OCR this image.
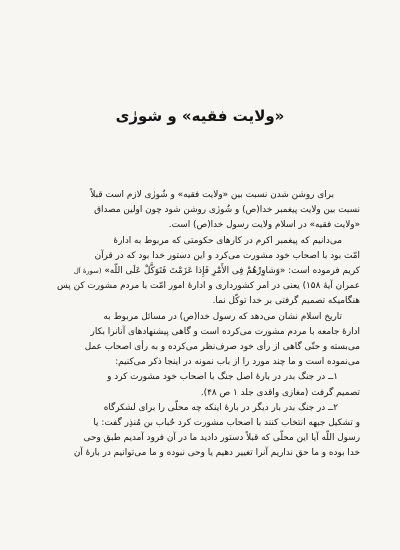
«ولایت فقیه» و شورٰی

برای روشن شدن نسبت بین «ولایت فقیه» و شُورٰی لازم است قبلاً

نسبت بین ولایت پیغمبر خدا(ص) و شُورٰی روشن شود چون اولین مصداق

«ولایت فقیه» در اسلام ولایت رسول خدا(ص) است.

می‌دانیم که پیغمبر اکرم در کارهای حکومتی که مربوط به ادارهٔ

امّت بود با اصحاب خود مشورت می‌کرد و این دستور خدا بود که در قرآن

کریم فرموده است: «وَشاوِرْهُمْ فِی الأَمْرِ فَإِذا عَزَمْتَ فَتَوَکَّلْ عَلَی اللّه» (سورهٔ آل

عمران آیهٔ ۱۵۸) یعنی در امر کشورداری و ادارهٔ امور امّت با مردم مشورت کن پس

هنگامیکه تصمیم گرفتی بر خدا توکّل نما.

تاریخ اسلام نشان می‌دهد که رسول خدا(ص) در مسائل مربوط به

ادارهٔ جامعه با مردم مشورت می‌کرده است و گاهی پیشنهادهای آنانرا بکار

می‌بسته و حتّی گاهی از رأی خود صرف‌نظر می‌کرده و به رأی اصحاب عمل

می‌نموده است و ما چند مورد را از باب نمونه در اینجا ذکر می‌کنیم:

۱ــ در جنگ بدر در بارهٔ اصل جنگ با اصحاب خود مشورت کرد و

تصمیم گرفت (مغازی واقدی جلد ۱ ص ۴۸).

۲ــ در جنگ بدر بار دیگر در بارهٔ اینکه چه محلّی را برای لشکرگاه

و تشکیل جبهه انتخاب کنند با اصحاب مشورت کرد حُباب بن مُنذِر گفت: یا

رسول اللّه آیا این محلّی که قبلاً دستور دادید ما در آن فرود آمدیم طبق وحی

خدا بوده و ما حق نداریم آنرا تغییر دهیم یا وحی نبوده و ما می‌توانیم در بارهٔ آن
